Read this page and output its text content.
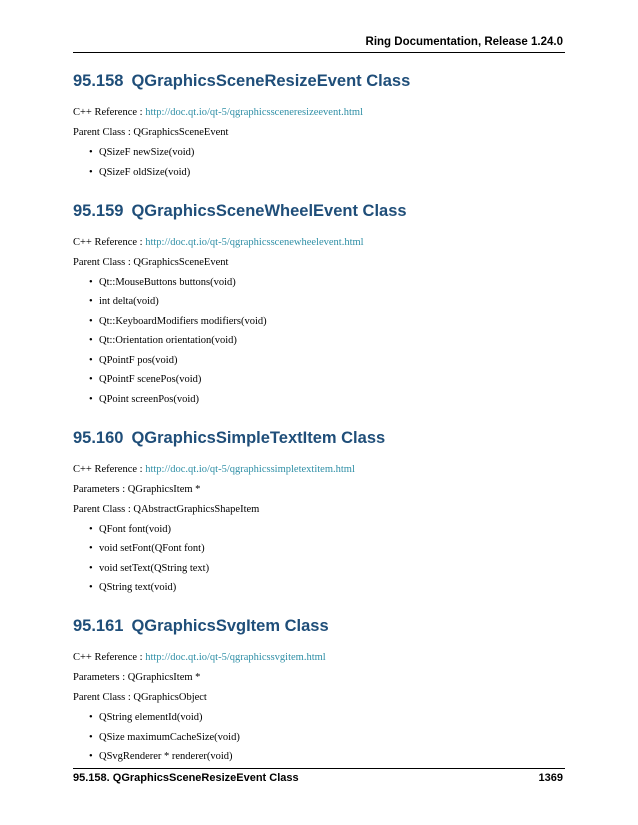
Ring Documentation, Release 1.24.0
95.158 QGraphicsSceneResizeEvent Class

C++ Reference : http://doc.qt.io/qt-5/qgraphicssceneresizeevent.html

Parent Class : QGraphicsSceneEvent

• QSizeF newSize(void)
• QSizeF oldSize(void)
95.159 QGraphicsSceneWheelEvent Class

C++ Reference : http://doc.qt.io/qt-5/qgraphicsscenewheelevent.html

Parent Class : QGraphicsSceneEvent

• Qt::MouseButtons buttons(void)
• int delta(void)
• Qt::KeyboardModifiers modifiers(void)
• Qt::Orientation orientation(void)
• QPointF pos(void)
• QPointF scenePos(void)
• QPoint screenPos(void)
95.160 QGraphicsSimpleTextItem Class

C++ Reference : http://doc.qt.io/qt-5/qgraphicssimpletextitem.html

Parameters : QGraphicsItem *

Parent Class : QAbstractGraphicsShapeItem

• QFont font(void)
• void setFont(QFont font)
• void setText(QString text)
• QString text(void)
95.161 QGraphicsSvgItem Class

C++ Reference : http://doc.qt.io/qt-5/qgraphicssvgitem.html

Parameters : QGraphicsItem *

Parent Class : QGraphicsObject

• QString elementId(void)
• QSize maximumCacheSize(void)
• QSvgRenderer * renderer(void)
95.158. QGraphicsSceneResizeEvent Class	1369
